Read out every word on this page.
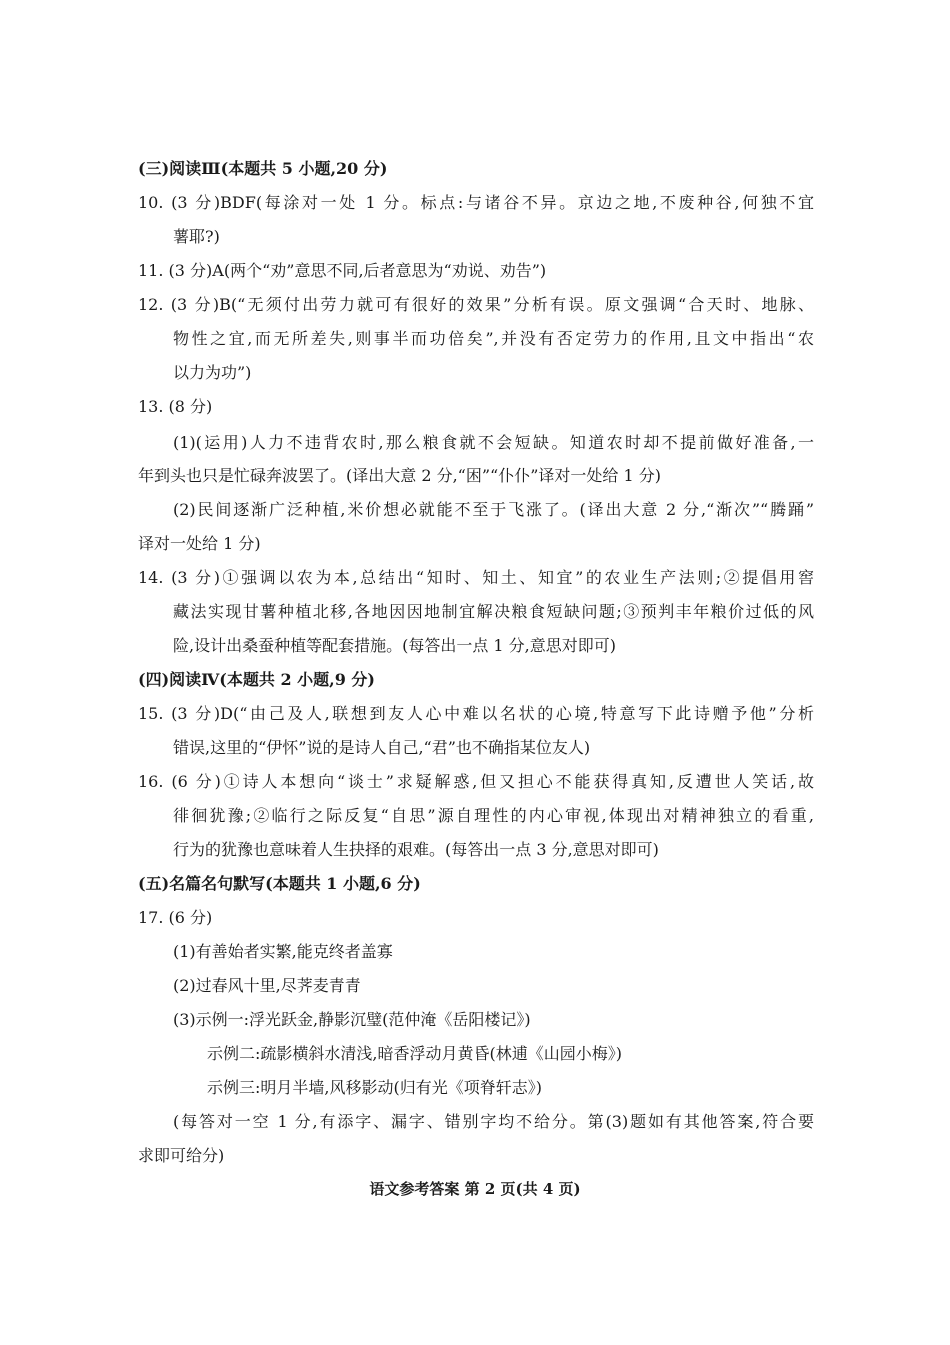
(三)阅读Ⅲ(本题共 5 小题,20 分)
10. (3 分)BDF(每涂对一处 1 分。标点:与诸谷不异。京边之地,不废种谷,何独不宜
薯耶?)
11. (3 分)A(两个“劝”意思不同,后者意思为“劝说、劝告”)
12. (3 分)B(“无须付出劳力就可有很好的效果”分析有误。原文强调“合天时、地脉、
物性之宜,而无所差失,则事半而功倍矣”,并没有否定劳力的作用,且文中指出“农
以力为功”)
13. (8 分)
(1)(运用)人力不违背农时,那么粮食就不会短缺。知道农时却不提前做好准备,一
年到头也只是忙碌奔波罢了。(译出大意 2 分,“困”“仆仆”译对一处给 1 分)
(2)民间逐渐广泛种植,米价想必就能不至于飞涨了。(译出大意 2 分,“渐次”“腾踊”
译对一处给 1 分)
14. (3 分)①强调以农为本,总结出“知时、知土、知宜”的农业生产法则;②提倡用窖
藏法实现甘薯种植北移,各地因因地制宜解决粮食短缺问题;③预判丰年粮价过低的风
险,设计出桑蚕种植等配套措施。(每答出一点 1 分,意思对即可)
(四)阅读Ⅳ(本题共 2 小题,9 分)
15. (3 分)D(“由己及人,联想到友人心中难以名状的心境,特意写下此诗赠予他”分析
错误,这里的“伊怀”说的是诗人自己,“君”也不确指某位友人)
16. (6 分)①诗人本想向“谈士”求疑解惑,但又担心不能获得真知,反遭世人笑话,故
徘徊犹豫;②临行之际反复“自思”源自理性的内心审视,体现出对精神独立的看重,
行为的犹豫也意味着人生抉择的艰难。(每答出一点 3 分,意思对即可)
(五)名篇名句默写(本题共 1 小题,6 分)
17. (6 分)
(1)有善始者实繁,能克终者盖寡
(2)过春风十里,尽荠麦青青
(3)示例一:浮光跃金,静影沉璧(范仲淹《岳阳楼记》)
示例二:疏影横斜水清浅,暗香浮动月黄昏(林逋《山园小梅》)
示例三:明月半墙,风移影动(归有光《项脊轩志》)
(每答对一空 1 分,有添字、漏字、错别字均不给分。第(3)题如有其他答案,符合要
求即可给分)
语文参考答案 第 2 页(共 4 页)
